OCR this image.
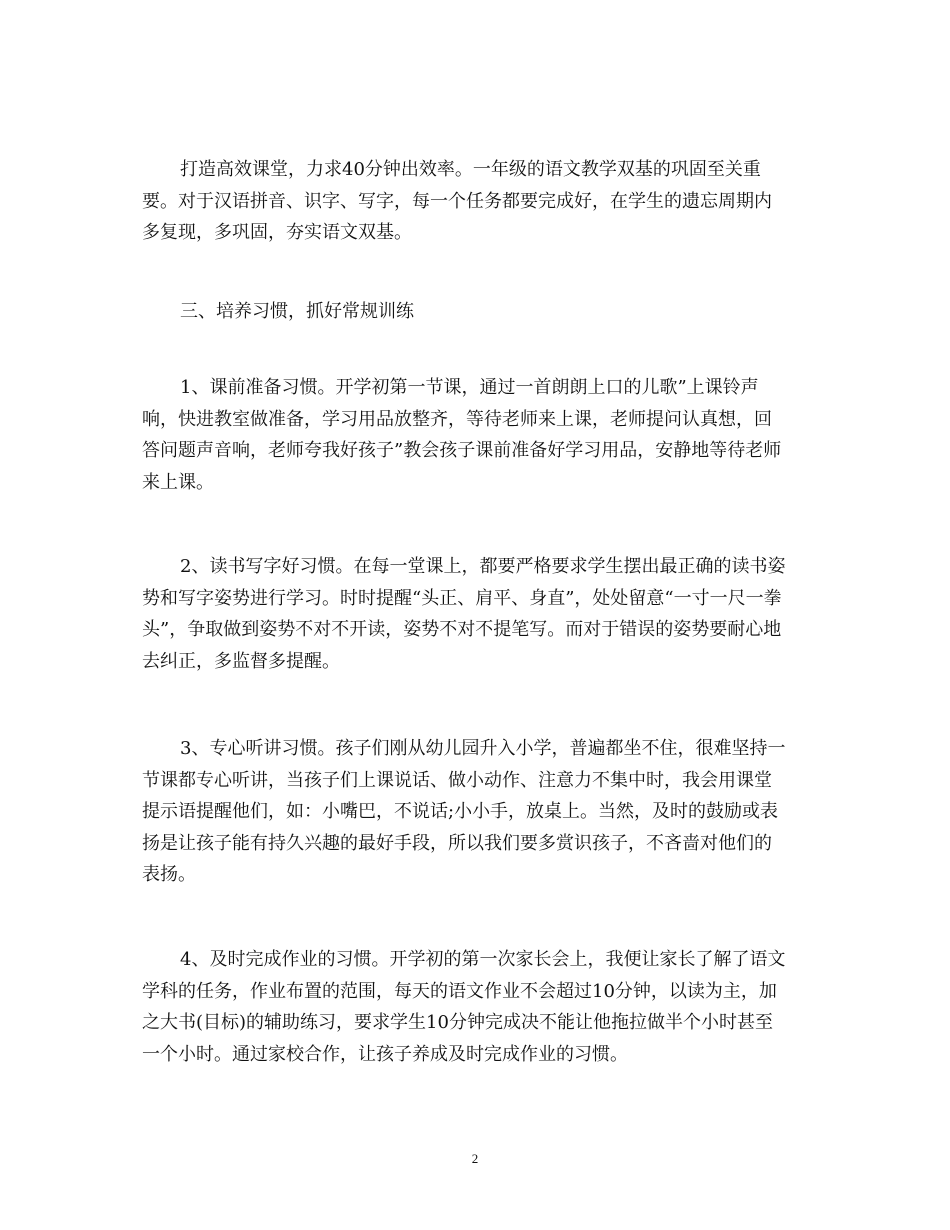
打造高效课堂，力求40分钟出效率。一年级的语文教学双基的巩固至关重
要。对于汉语拼音、识字、写字，每一个任务都要完成好，在学生的遗忘周期内
多复现，多巩固，夯实语文双基。
三、培养习惯，抓好常规训练
1、课前准备习惯。开学初第一节课，通过一首朗朗上口的儿歌”上课铃声
响，快进教室做准备，学习用品放整齐，等待老师来上课，老师提问认真想，回
答问题声音响，老师夸我好孩子”教会孩子课前准备好学习用品，安静地等待老师
来上课。
2、读书写字好习惯。在每一堂课上，都要严格要求学生摆出最正确的读书姿
势和写字姿势进行学习。时时提醒“头正、肩平、身直”，处处留意“一寸一尺一拳
头”，争取做到姿势不对不开读，姿势不对不提笔写。而对于错误的姿势要耐心地
去纠正，多监督多提醒。
3、专心听讲习惯。孩子们刚从幼儿园升入小学，普遍都坐不住，很难坚持一
节课都专心听讲，当孩子们上课说话、做小动作、注意力不集中时，我会用课堂
提示语提醒他们，如：小嘴巴，不说话;小小手，放桌上。当然，及时的鼓励或表
扬是让孩子能有持久兴趣的最好手段，所以我们要多赏识孩子，不吝啬对他们的
表扬。
4、及时完成作业的习惯。开学初的第一次家长会上，我便让家长了解了语文
学科的任务，作业布置的范围，每天的语文作业不会超过10分钟，以读为主，加
之大书(目标)的辅助练习，要求学生10分钟完成决不能让他拖拉做半个小时甚至
一个小时。通过家校合作，让孩子养成及时完成作业的习惯。

2
